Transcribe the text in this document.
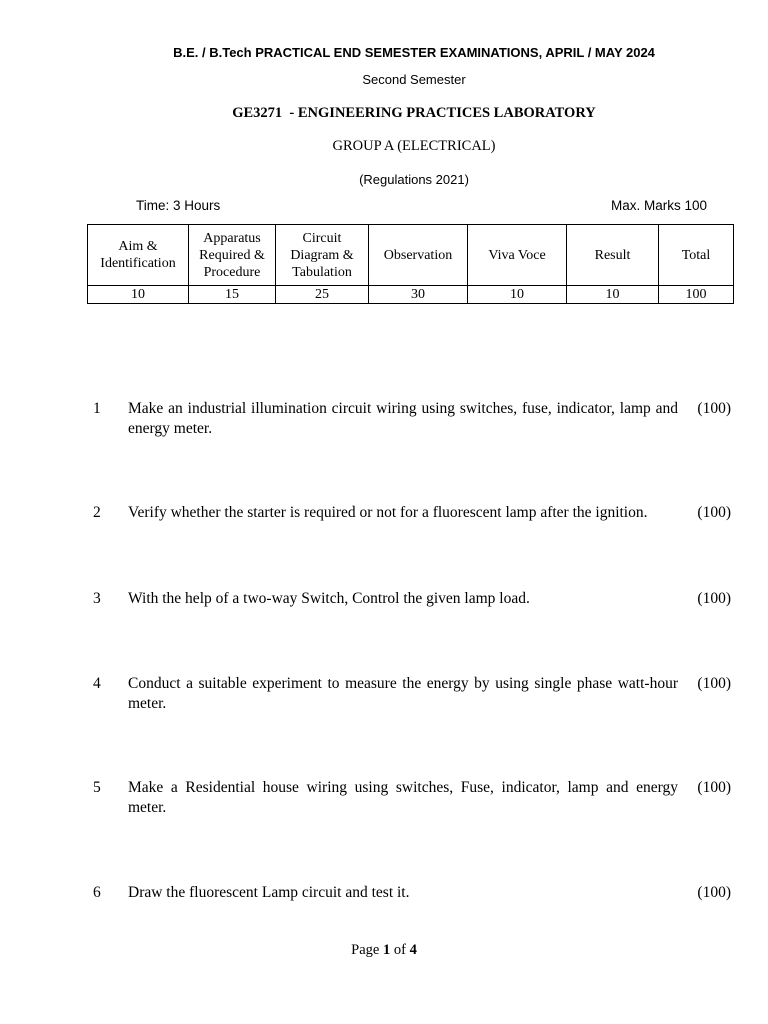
B.E. / B.Tech PRACTICAL END SEMESTER EXAMINATIONS, APRIL / MAY 2024
Second Semester
GE3271  - ENGINEERING PRACTICES LABORATORY
GROUP A (ELECTRICAL)
(Regulations 2021)
Time: 3 Hours	Max. Marks 100
Aim & Identification	Apparatus Required & Procedure	Circuit Diagram & Tabulation	Observation	Viva Voce	Result	Total
10	15	25	30	10	10	100
1 Make an industrial illumination circuit wiring using switches, fuse, indicator, lamp and energy meter.
(100)
2 Verify whether the starter is required or not for a fluorescent lamp after the ignition.	(100)
3 With the help of a two-way Switch, Control the given lamp load.	(100)
4 Conduct a suitable experiment to measure the energy by using single phase watt-hour meter.
(100)
5 Make a Residential house wiring using switches, Fuse, indicator, lamp and energy meter.
(100)
6 Draw the fluorescent Lamp circuit and test it.	(100)
Page 1 of 4
